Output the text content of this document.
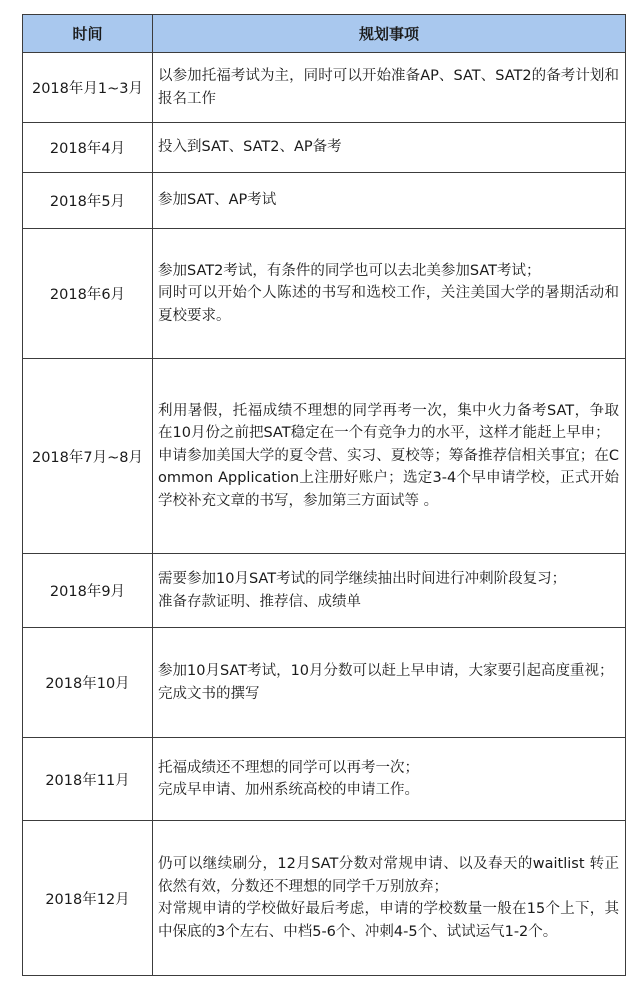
时间	规划事项
2018年月1~3月	以参加托福考试为主，同时可以开始准备AP、SAT、SAT2的备考计划和报名工作

2018年4月	投入到SAT、SAT2、AP备考

2018年5月	参加SAT、AP考试

2018年6月	参加SAT2考试，有条件的同学也可以去北美参加SAT考试；
同时可以开始个人陈述的书写和选校工作，关注美国大学的暑期活动和夏校要求。

2018年7月~8月	利用暑假，托福成绩不理想的同学再考一次，集中火力备考SAT，争取在10月份之前把SAT稳定在一个有竞争力的水平，这样才能赶上早申；
申请参加美国大学的夏令营、实习、夏校等；筹备推荐信相关事宜；在Common Application上注册好账户；选定3-4个早申请学校，正式开始学校补充文章的书写，参加第三方面试等 。

2018年9月	需要参加10月SAT考试的同学继续抽出时间进行冲刺阶段复习；
准备存款证明、推荐信、成绩单

2018年10月	参加10月SAT考试，10月分数可以赶上早申请，大家要引起高度重视；
完成文书的撰写

2018年11月	托福成绩还不理想的同学可以再考一次；
完成早申请、加州系统高校的申请工作。

2018年12月	仍可以继续刷分，12月SAT分数对常规申请、以及春天的waitlist 转正依然有效，分数还不理想的同学千万别放弃；
对常规申请的学校做好最后考虑，申请的学校数量一般在15个上下，其中保底的3个左右、中档5-6个、冲刺4-5个、试试运气1-2个。
